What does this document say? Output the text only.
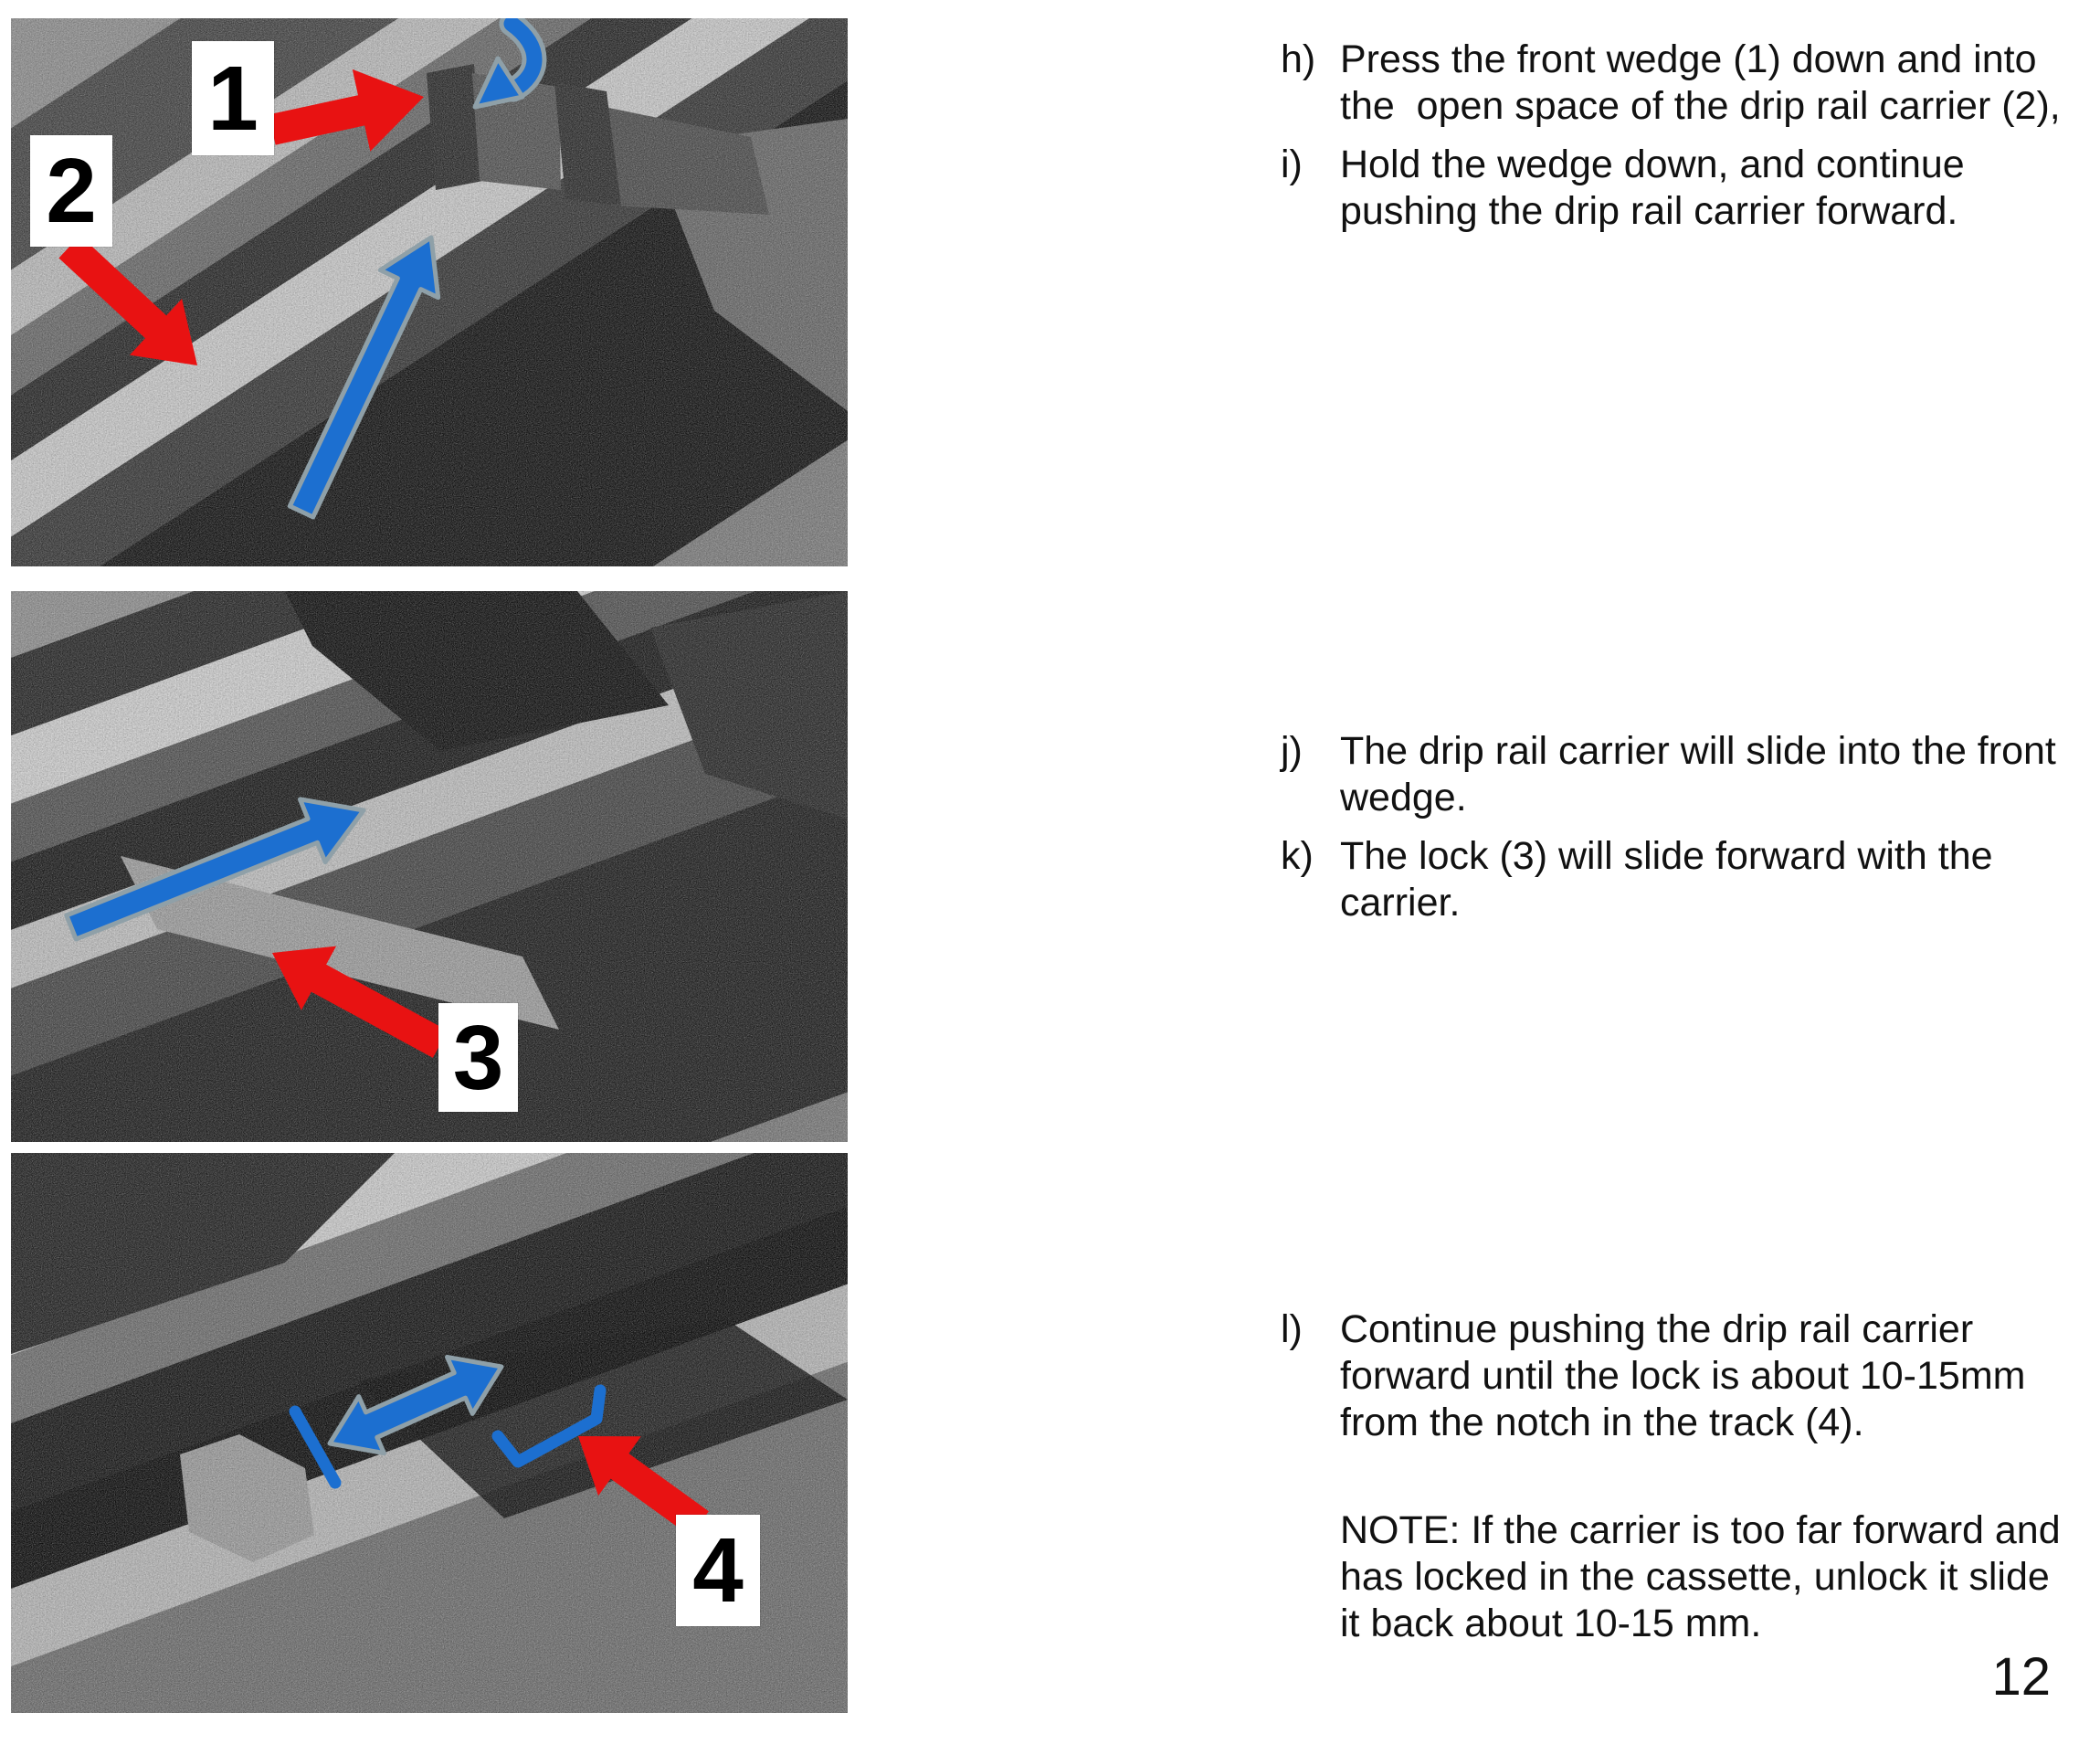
1
2
3
4
h) Press the front wedge (1) down and into
the  open space of the drip rail carrier (2),
i) Hold the wedge down, and continue
pushing the drip rail carrier forward.
j) The drip rail carrier will slide into the front
wedge.
k) The lock (3) will slide forward with the
carrier.
l) Continue pushing the drip rail carrier
forward until the lock is about 10-15mm
from the notch in the track (4).
NOTE: If the carrier is too far forward and
has locked in the cassette, unlock it slide
it back about 10-15 mm.
12
